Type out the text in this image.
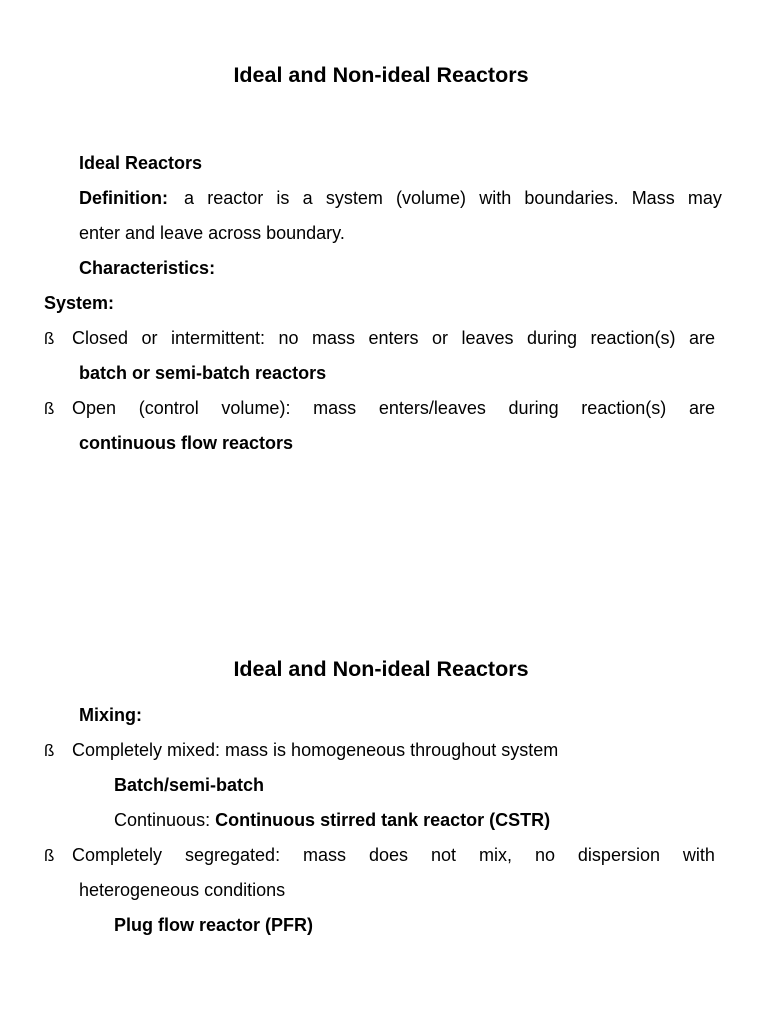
Ideal and Non-ideal Reactors
Ideal Reactors
Definition: a reactor is a system (volume) with boundaries. Mass may
enter and leave across boundary.
Characteristics:
System:
ß Closed or intermittent: no mass enters or leaves during reaction(s) are
batch or semi-batch reactors
ß Open (control volume): mass enters/leaves during reaction(s) are
continuous flow reactors
Ideal and Non-ideal Reactors
Mixing:
ß Completely mixed: mass is homogeneous throughout system
Batch/semi-batch
Continuous: Continuous stirred tank reactor (CSTR)
ß Completely segregated: mass does not mix, no dispersion with
heterogeneous conditions
Plug flow reactor (PFR)
